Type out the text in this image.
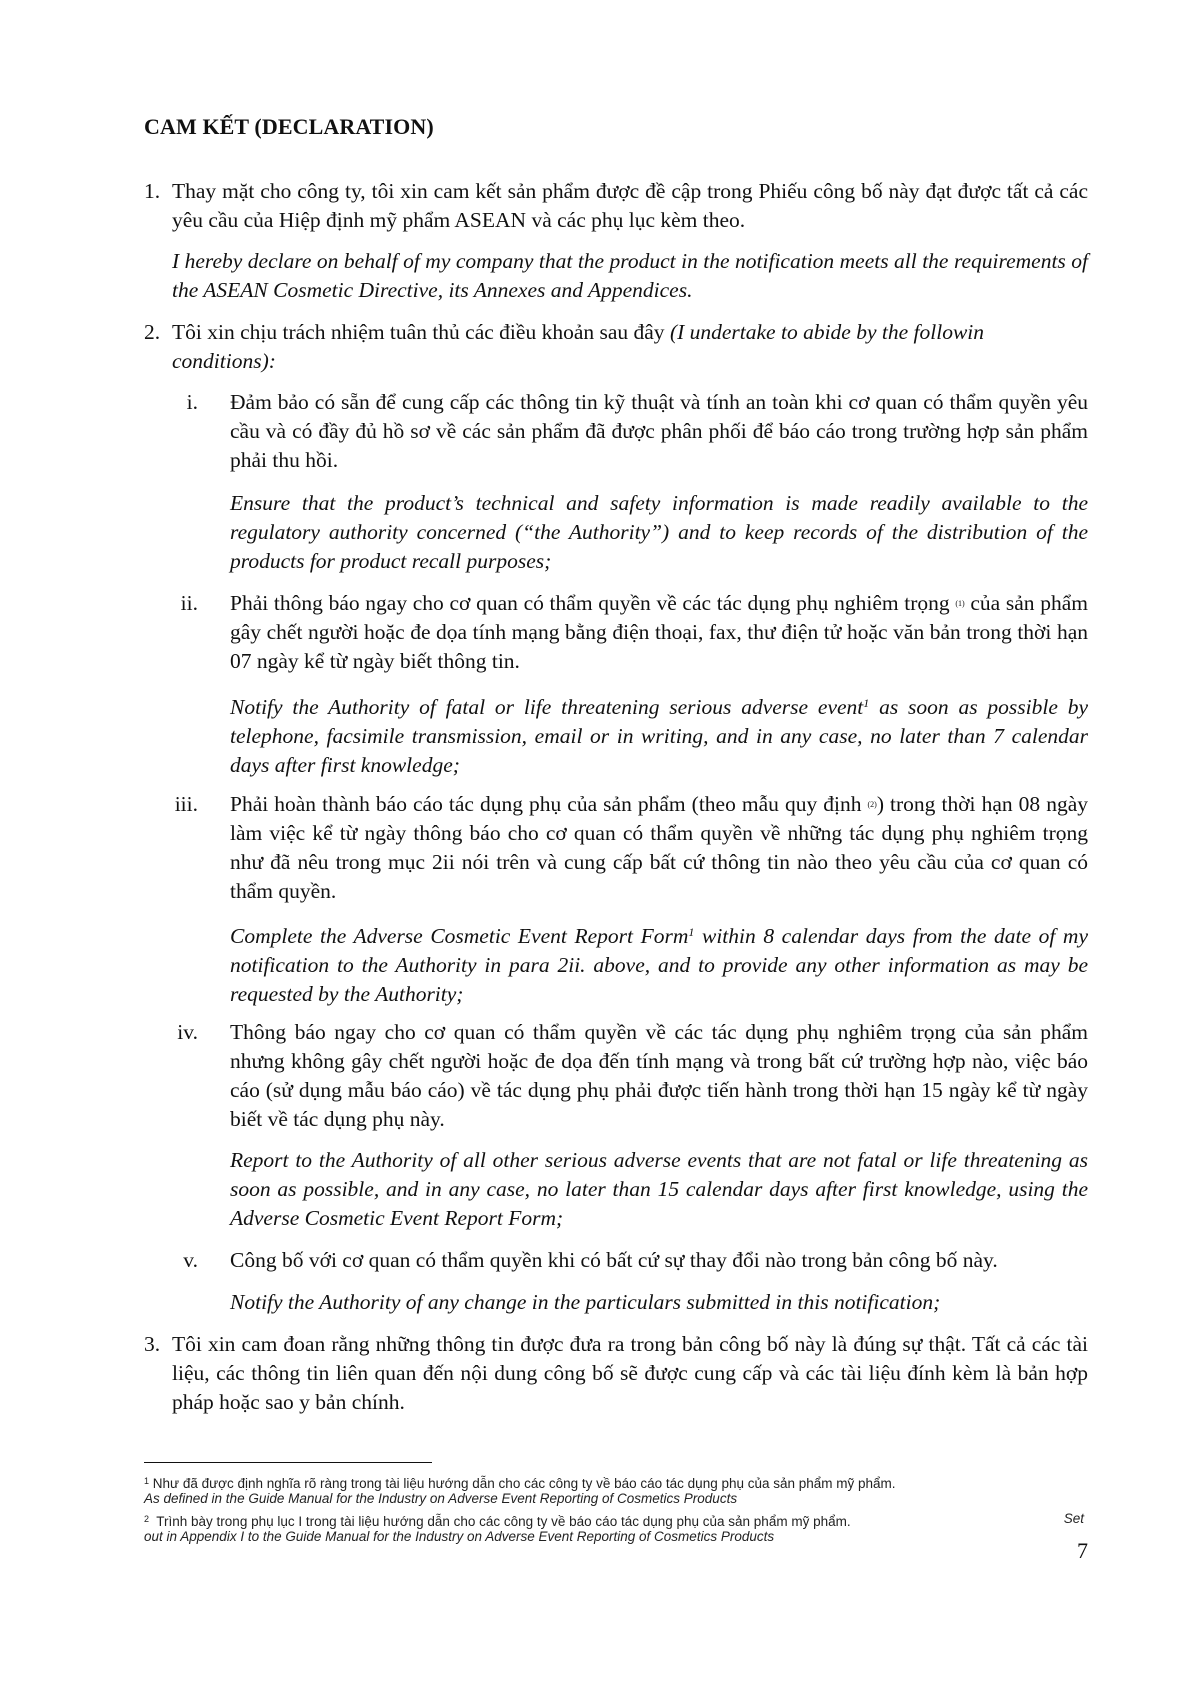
CAM KẾT (DECLARATION)

1. Thay mặt cho công ty, tôi xin cam kết sản phẩm được đề cập trong Phiếu công bố này đạt được tất cả các yêu cầu của Hiệp định mỹ phẩm ASEAN và các phụ lục kèm theo.

I hereby declare on behalf of my company that the product in the notification meets all the requirements of the ASEAN Cosmetic Directive, its Annexes and Appendices.

2. Tôi xin chịu trách nhiệm tuân thủ các điều khoản sau đây (I undertake to abide by the followin conditions):

i. Đảm bảo có sẵn để cung cấp các thông tin kỹ thuật và tính an toàn khi cơ quan có thẩm quyền yêu cầu và có đầy đủ hồ sơ về các sản phẩm đã được phân phối để báo cáo trong trường hợp sản phẩm phải thu hồi.

Ensure that the product’s technical and safety information is made readily available to the regulatory authority concerned (“the Authority”) and to keep records of the distribution of the products for product recall purposes;

ii. Phải thông báo ngay cho cơ quan có thẩm quyền về các tác dụng phụ nghiêm trọng $^{(1)}$ của sản phẩm gây chết người hoặc đe dọa tính mạng bằng điện thoại, fax, thư điện tử hoặc văn bản trong thời hạn 07 ngày kể từ ngày biết thông tin.

Notify the Authority of fatal or life threatening serious adverse event$^1$ as soon as possible by telephone, facsimile transmission, email or in writing, and in any case, no later than 7 calendar days after first knowledge;

iii. Phải hoàn thành báo cáo tác dụng phụ của sản phẩm (theo mẫu quy định $^{(2)}$) trong thời hạn 08 ngày làm việc kể từ ngày thông báo cho cơ quan có thẩm quyền về những tác dụng phụ nghiêm trọng như đã nêu trong mục 2ii nói trên và cung cấp bất cứ thông tin nào theo yêu cầu của cơ quan có thẩm quyền.

Complete the Adverse Cosmetic Event Report Form$^1$ within 8 calendar days from the date of my notification to the Authority in para 2ii. above, and to provide any other information as may be requested by the Authority;

iv. Thông báo ngay cho cơ quan có thẩm quyền về các tác dụng phụ nghiêm trọng của sản phẩm nhưng không gây chết người hoặc đe dọa đến tính mạng và trong bất cứ trường hợp nào, việc báo cáo (sử dụng mẫu báo cáo) về tác dụng phụ phải được tiến hành trong thời hạn 15 ngày kể từ ngày biết về tác dụng phụ này.

Report to the Authority of all other serious adverse events that are not fatal or life threatening as soon as possible, and in any case, no later than 15 calendar days after first knowledge, using the Adverse Cosmetic Event Report Form;

v. Công bố với cơ quan có thẩm quyền khi có bất cứ sự thay đổi nào trong bản công bố này.

Notify the Authority of any change in the particulars submitted in this notification;

3. Tôi xin cam đoan rằng những thông tin được đưa ra trong bản công bố này là đúng sự thật. Tất cả các tài liệu, các thông tin liên quan đến nội dung công bố sẽ được cung cấp và các tài liệu đính kèm là bản hợp pháp hoặc sao y bản chính.

$^1$ Như đã được định nghĩa rõ ràng trong tài liệu hướng dẫn cho các công ty về báo cáo tác dụng phụ của sản phẩm mỹ phẩm.

As defined in the Guide Manual for the Industry on Adverse Event Reporting of Cosmetics Products

$^2$ Trình bày trong phụ lục I trong tài liệu hướng dẫn cho các công ty về báo cáo tác dụng phụ của sản phẩm mỹ phẩm.	Set

out in Appendix I to the Guide Manual for the Industry on Adverse Event Reporting of Cosmetics Products

7
